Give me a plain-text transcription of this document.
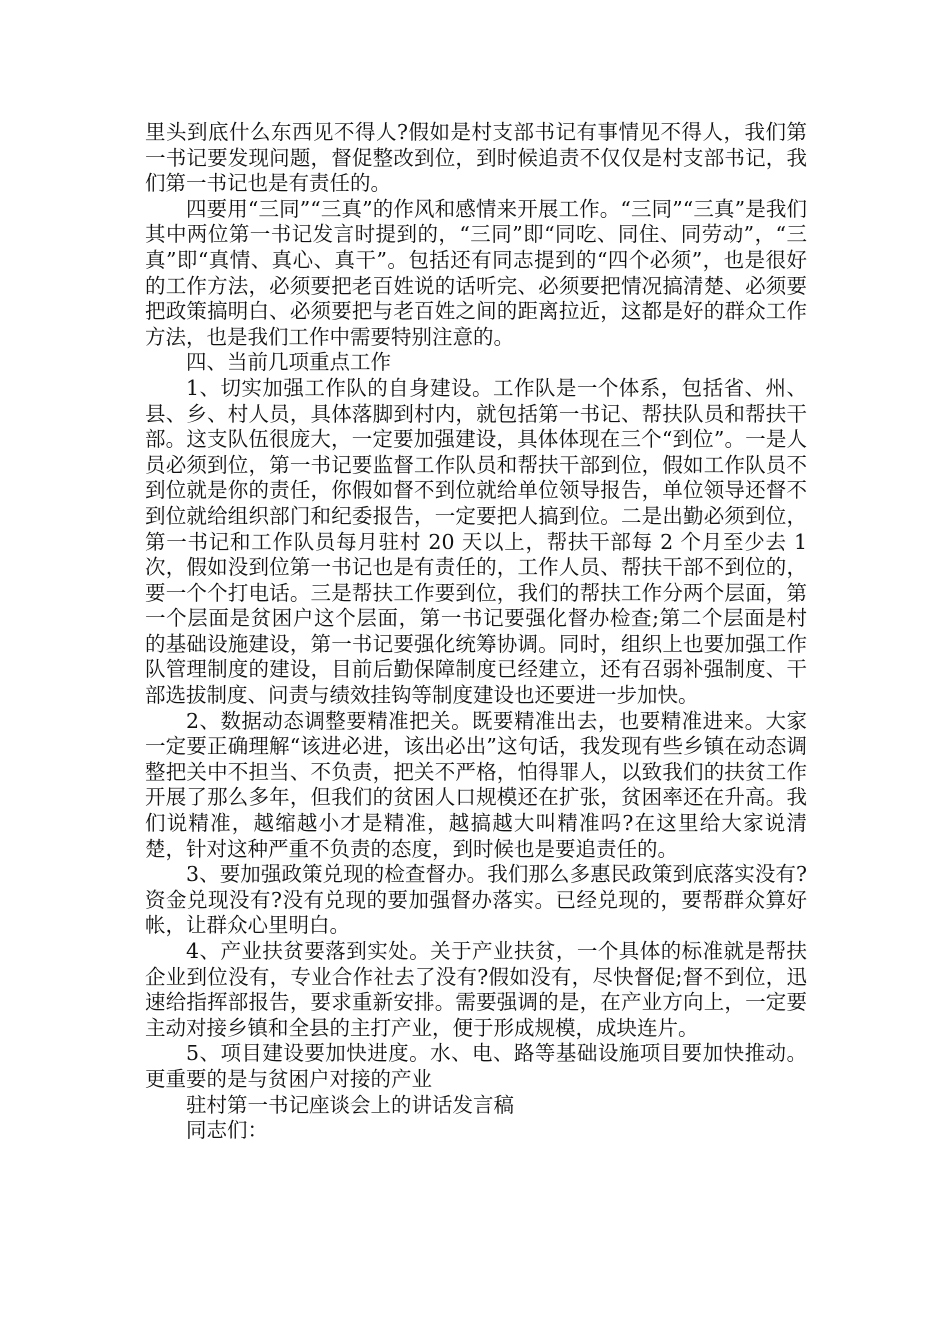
里头到底什么东西见不得人?假如是村支部书记有事情见不得人，我们第一书记要发现问题，督促整改到位，到时候追责不仅仅是村支部书记，我们第一书记也是有责任的。

四要用“三同”“三真”的作风和感情来开展工作。“三同”“三真”是我们其中两位第一书记发言时提到的，“三同”即“同吃、同住、同劳动”，“三真”即“真情、真心、真干”。包括还有同志提到的“四个必须”，也是很好的工作方法，必须要把老百姓说的话听完、必须要把情况搞清楚、必须要把政策搞明白、必须要把与老百姓之间的距离拉近，这都是好的群众工作方法，也是我们工作中需要特别注意的。

四、当前几项重点工作

1、切实加强工作队的自身建设。工作队是一个体系，包括省、州、县、乡、村人员，具体落脚到村内，就包括第一书记、帮扶队员和帮扶干部。这支队伍很庞大，一定要加强建设，具体体现在三个“到位”。一是人员必须到位，第一书记要监督工作队员和帮扶干部到位，假如工作队员不到位就是你的责任，你假如督不到位就给单位领导报告，单位领导还督不到位就给组织部门和纪委报告，一定要把人搞到位。二是出勤必须到位，第一书记和工作队员每月驻村 20 天以上，帮扶干部每 2 个月至少去 1 次，假如没到位第一书记也是有责任的，工作人员、帮扶干部不到位的，要一个个打电话。三是帮扶工作要到位，我们的帮扶工作分两个层面，第一个层面是贫困户这个层面，第一书记要强化督办检查;第二个层面是村的基础设施建设，第一书记要强化统筹协调。同时，组织上也要加强工作队管理制度的建设，目前后勤保障制度已经建立，还有召弱补强制度、干部选拔制度、问责与绩效挂钩等制度建设也还要进一步加快。

2、数据动态调整要精准把关。既要精准出去，也要精准进来。大家一定要正确理解“该进必进，该出必出”这句话，我发现有些乡镇在动态调整把关中不担当、不负责，把关不严格，怕得罪人，以致我们的扶贫工作开展了那么多年，但我们的贫困人口规模还在扩张，贫困率还在升高。我们说精准，越缩越小才是精准，越搞越大叫精准吗?在这里给大家说清楚，针对这种严重不负责的态度，到时候也是要追责任的。

3、要加强政策兑现的检查督办。我们那么多惠民政策到底落实没有?资金兑现没有?没有兑现的要加强督办落实。已经兑现的，要帮群众算好帐，让群众心里明白。

4、产业扶贫要落到实处。关于产业扶贫，一个具体的标准就是帮扶企业到位没有，专业合作社去了没有?假如没有，尽快督促;督不到位，迅速给指挥部报告，要求重新安排。需要强调的是，在产业方向上，一定要主动对接乡镇和全县的主打产业，便于形成规模，成块连片。

5、项目建设要加快进度。水、电、路等基础设施项目要加快推动。更重要的是与贫困户对接的产业

驻村第一书记座谈会上的讲话发言稿

同志们：
